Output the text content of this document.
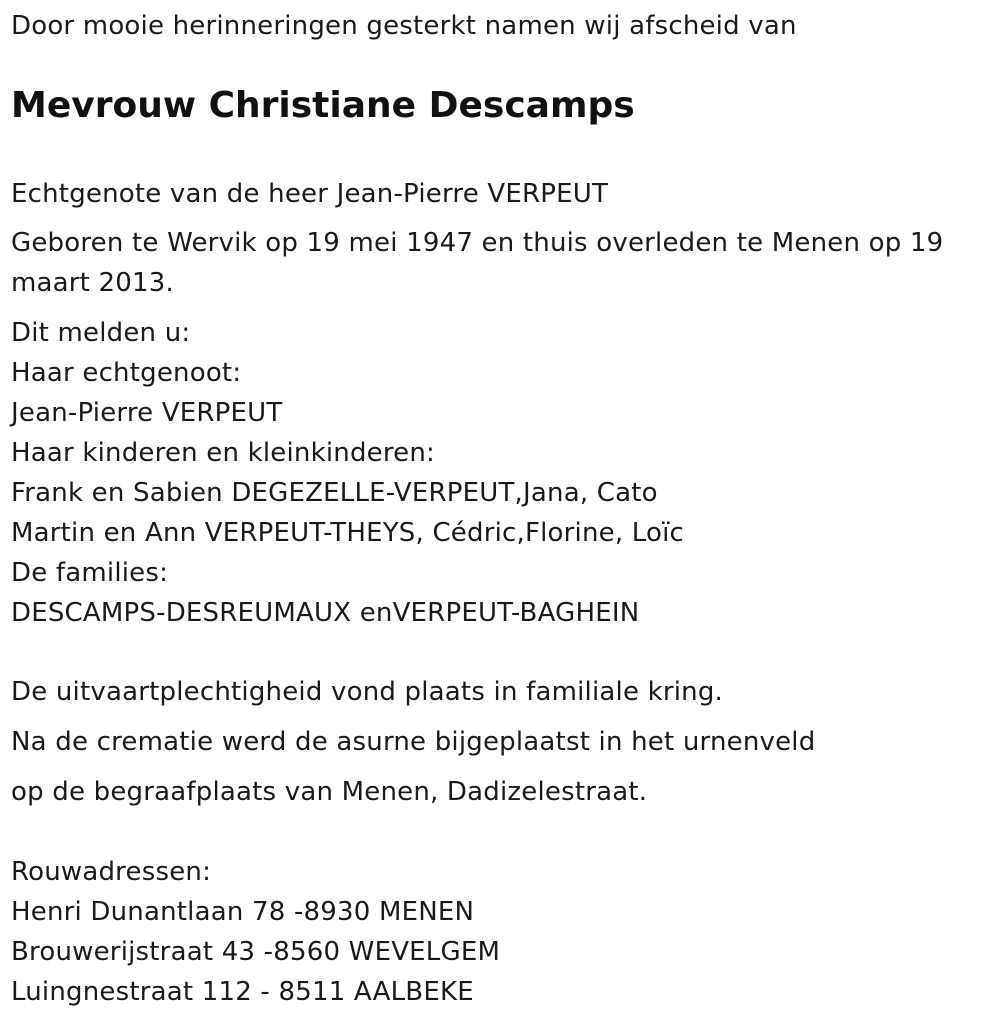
Door mooie herinneringen gesterkt namen wij afscheid van
Mevrouw Christiane Descamps
Echtgenote van de heer Jean-Pierre VERPEUT
Geboren te Wervik op 19 mei 1947 en thuis overleden te Menen op 19 maart 2013.
Dit melden u:
Haar echtgenoot:
Jean-Pierre VERPEUT
Haar kinderen en kleinkinderen:
Frank en Sabien DEGEZELLE-VERPEUT,Jana, Cato
Martin en Ann VERPEUT-THEYS, Cédric,Florine, Loïc
De families:
DESCAMPS-DESREUMAUX enVERPEUT-BAGHEIN
De uitvaartplechtigheid vond plaats in familiale kring.
Na de crematie werd de asurne bijgeplaatst in het urnenveld
op de begraafplaats van Menen, Dadizelestraat.
Rouwadressen:
Henri Dunantlaan 78 -8930 MENEN
Brouwerijstraat 43 -8560 WEVELGEM
Luingnestraat 112 - 8511 AALBEKE
